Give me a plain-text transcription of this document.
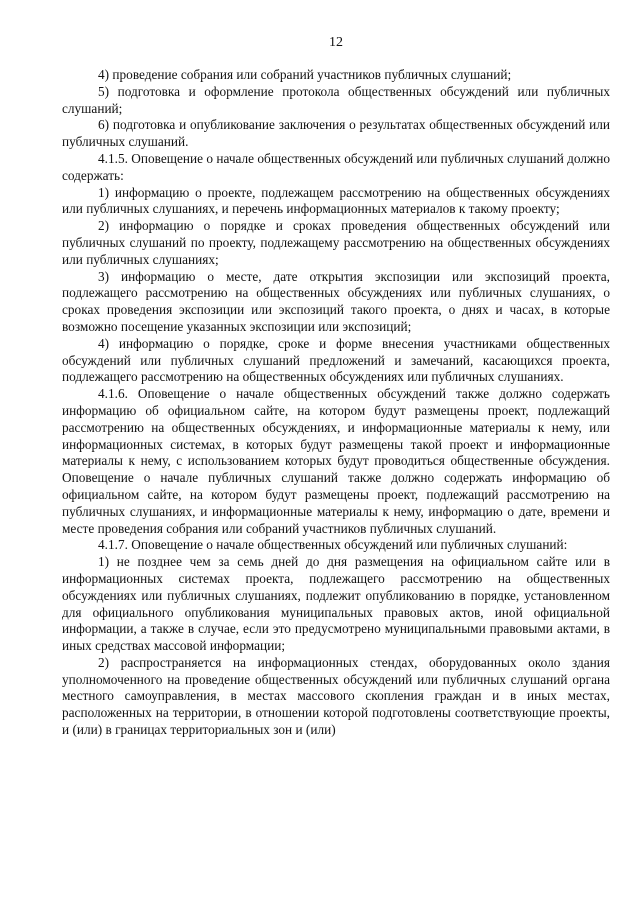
12

4) проведение собрания или собраний участников публичных слушаний;

5) подготовка и оформление протокола общественных обсуждений или публичных слушаний;

6) подготовка и опубликование заключения о результатах общественных обсуждений или публичных слушаний.

4.1.5. Оповещение о начале общественных обсуждений или публичных слушаний должно содержать:

1) информацию о проекте, подлежащем рассмотрению на общественных обсуждениях или публичных слушаниях, и перечень информационных материалов к такому проекту;

2) информацию о порядке и сроках проведения общественных обсуждений или публичных слушаний по проекту, подлежащему рассмотрению на общественных обсуждениях или публичных слушаниях;

3) информацию о месте, дате открытия экспозиции или экспозиций проекта, подлежащего рассмотрению на общественных обсуждениях или публичных слушаниях, о сроках проведения экспозиции или экспозиций такого проекта, о днях и часах, в которые возможно посещение указанных экспозиции или экспозиций;

4) информацию о порядке, сроке и форме внесения участниками общественных обсуждений или публичных слушаний предложений и замечаний, касающихся проекта, подлежащего рассмотрению на общественных обсуждениях или публичных слушаниях.

4.1.6. Оповещение о начале общественных обсуждений также должно содержать информацию об официальном сайте, на котором будут размещены проект, подлежащий рассмотрению на общественных обсуждениях, и информационные материалы к нему, или информационных системах, в которых будут размещены такой проект и информационные материалы к нему, с использованием которых будут проводиться общественные обсуждения. Оповещение о начале публичных слушаний также должно содержать информацию об официальном сайте, на котором будут размещены проект, подлежащий рассмотрению на публичных слушаниях, и информационные материалы к нему, информацию о дате, времени и месте проведения собрания или собраний участников публичных слушаний.

4.1.7. Оповещение о начале общественных обсуждений или публичных слушаний:

1) не позднее чем за семь дней до дня размещения на официальном сайте или в информационных системах проекта, подлежащего рассмотрению на общественных обсуждениях или публичных слушаниях, подлежит опубликованию в порядке, установленном для официального опубликования муниципальных правовых актов, иной официальной информации, а также в случае, если это предусмотрено муниципальными правовыми актами, в иных средствах массовой информации;

2) распространяется на информационных стендах, оборудованных около здания уполномоченного на проведение общественных обсуждений или публичных слушаний органа местного самоуправления, в местах массового скопления граждан и в иных местах, расположенных на территории, в отношении которой подготовлены соответствующие проекты, и (или) в границах территориальных зон и (или)
